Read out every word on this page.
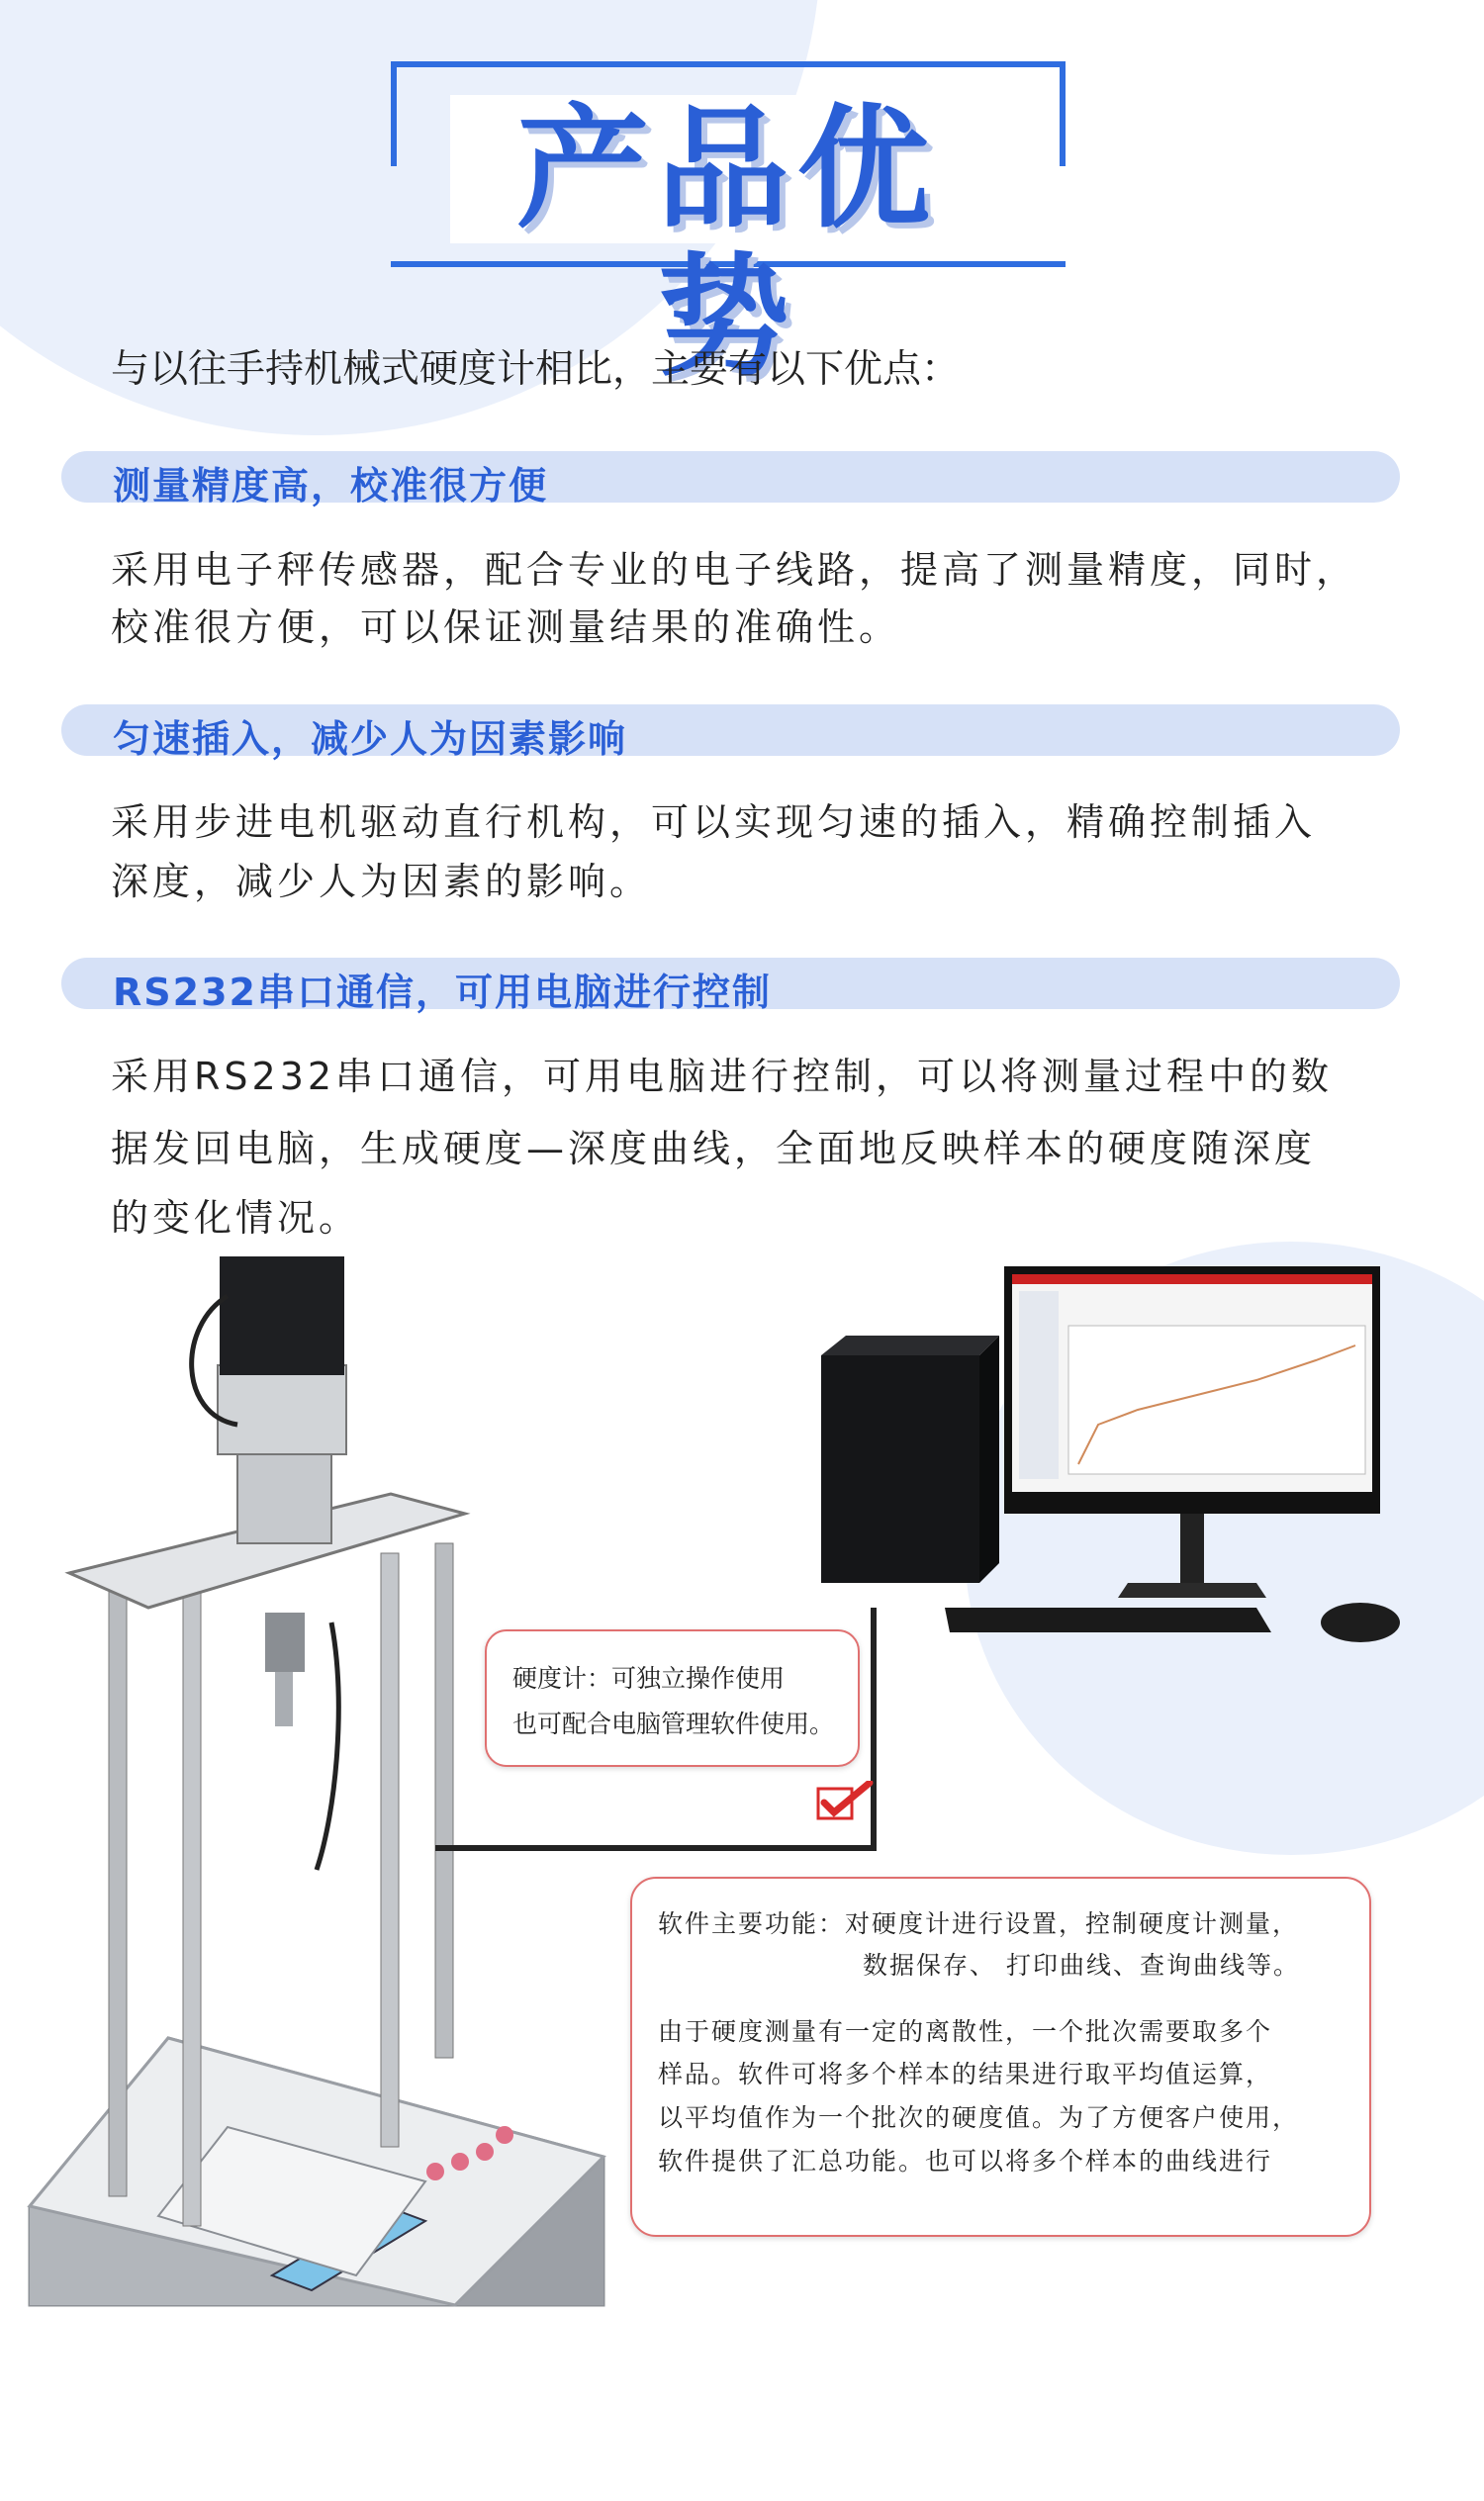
产品优势
与以往手持机械式硬度计相比，主要有以下优点：
测量精度高，校准很方便
采用电子秤传感器，配合专业的电子线路，提高了测量精度，同时，
校准很方便，可以保证测量结果的准确性。
匀速插入，减少人为因素影响
采用步进电机驱动直行机构，可以实现匀速的插入，精确控制插入
深度，减少人为因素的影响。
RS232串口通信，可用电脑进行控制
采用RS232串口通信，可用电脑进行控制，可以将测量过程中的数
据发回电脑，生成硬度—深度曲线，全面地反映样本的硬度随深度
的变化情况。
硬度计：可独立操作使用
也可配合电脑管理软件使用。
软件主要功能：对硬度计进行设置，控制硬度计测量，
数据保存、 打印曲线、查询曲线等。
由于硬度测量有一定的离散性，一个批次需要取多个
样品。软件可将多个样本的结果进行取平均值运算，
以平均值作为一个批次的硬度值。为了方便客户使用，
软件提供了汇总功能。也可以将多个样本的曲线进行
